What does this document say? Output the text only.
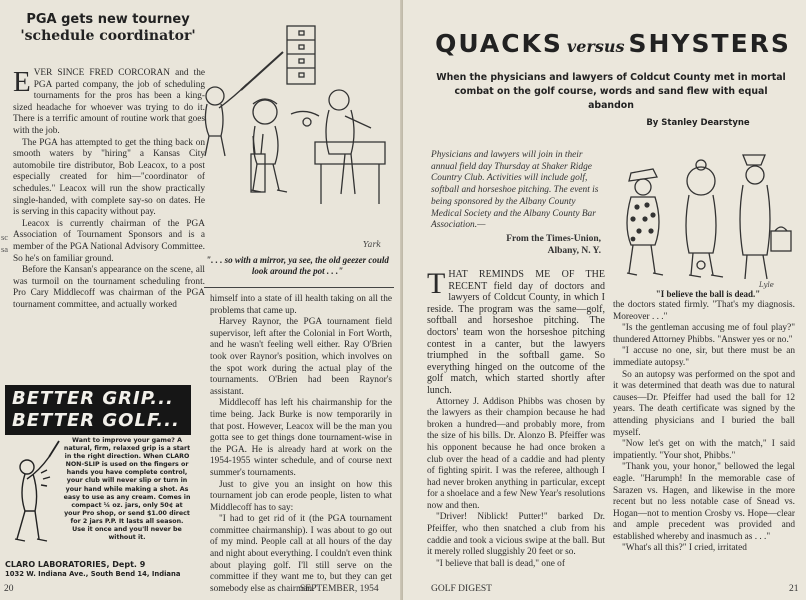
PGA gets new tourney
'schedule coordinator'

EVER SINCE FRED CORCORAN and the PGA parted company, the job of scheduling tournaments for the pros has been a king-sized headache for whoever was trying to do it. There is a terrific amount of routine work that goes with the job.

The PGA has attempted to get the thing back on smooth waters by "hiring" a Kansas City automobile tire distributor, Bob Leacox, to a post especially created for him—"coordinator of schedules." Leacox will run the show practically single-handed, with complete say-so on dates. He is serving in this capacity without pay.

Leacox is currently chairman of the PGA Association of Tournament Sponsors and is a member of the PGA National Advisory Committee. So he's on familiar ground.

Before the Kansan's appearance on the scene, all was turmoil on the tournament scheduling front. Pro Cary Middlecoff was chairman of the PGA tournament committee, and actually worked

sc
sa	Yark
". . . so with a mirror, ya see, the old geezer could look around the pot . . ."

himself into a state of ill health taking on all the problems that came up.

Harvey Raynor, the PGA tournament field supervisor, left after the Colonial in Fort Worth, and he wasn't feeling well either. Ray O'Brien took over Raynor's position, which involves on the spot work during the actual play of the tournaments. O'Brien had been Raynor's assistant.

Middlecoff has left his chairmanship for the time being. Jack Burke is now temporarily in that post. However, Leacox will be the man you gotta see to get things done tournament-wise in the PGA. He is already hard at work on the 1954-1955 winter schedule, and of course next summer's tournaments.

Just to give you an insight on how this tournament job can erode people, listen to what Middlecoff has to say:

"I had to get rid of it (the PGA tournament committee chairmanship). I was about to go out of my mind. People call at all hours of the day and night about everything. I couldn't even think about playing golf. I'll still serve on the committee if they want me to, but they can get somebody else as chairman."

BETTER GRIP...
BETTER GOLF...
Want to improve your game? A natural, firm, relaxed grip is a start in the right direction. When CLARO NON-SLIP is used on the fingers or hands you have complete control, your club will never slip or turn in your hand while making a shot. As easy to use as any cream. Comes in compact ¼ oz. jars, only 50¢ at your Pro shop, or send $1.00 direct for 2 jars P.P. It lasts all season. Use it once and you'll never be without it.
CLARO LABORATORIES, Dept. 9
1032 W. Indiana Ave., South Bend 14, Indiana
20	SEPTEMBER, 1954
QUACKS versus SHYSTERS
When the physicians and lawyers of Coldcut County met in mortal
combat on the golf course, words and sand flew with equal abandon
By Stanley Dearstyne
Physicians and lawyers will join in their annual field day Thursday at Shaker Ridge Country Club. Activities will include golf, softball and horseshoe pitching. The event is being sponsored by the Albany County Medical Society and the Albany County Bar Association.—
From the Times-Union,
Albany, N. Y.
Lyle
"I believe the ball is dead."

THAT REMINDS ME OF THE RECENT field day of doctors and lawyers of Coldcut County, in which I reside. The program was the same—golf, softball and horseshoe pitching. The doctors' team won the horseshoe pitching contest in a canter, but the lawyers triumphed in the softball game. So everything hinged on the outcome of the golf match, which started shortly after lunch.

Attorney J. Addison Phibbs was chosen by the lawyers as their champion because he had broken a hundred—and probably more, from the size of his bills. Dr. Alonzo B. Pfeiffer was his opponent because he had once broken a club over the head of a caddie and had plenty of fighting spirit. I was the referee, although I had never broken anything in particular, except for a shoelace and a few New Year's resolutions now and then.

"Driver! Niblick! Putter!" barked Dr. Pfeiffer, who then snatched a club from his caddie and took a vicious swipe at the ball. But it merely rolled sluggishly 20 feet or so.

"I believe that ball is dead," one of

the doctors stated firmly. "That's my diagnosis. Moreover . . ."

"Is the gentleman accusing me of foul play?" thundered Attorney Phibbs. "Answer yes or no."

"I accuse no one, sir, but there must be an immediate autopsy."

So an autopsy was performed on the spot and it was determined that death was due to natural causes—Dr. Pfeiffer had used the ball for 12 years. The death certificate was signed by the attending physicians and I buried the ball myself.

"Now let's get on with the match," I said impatiently. "Your shot, Phibbs."

"Thank you, your honor," bellowed the legal eagle. "Harumph! In the memorable case of Sarazen vs. Hagen, and likewise in the more recent but no less notable case of Snead vs. Hogan—not to mention Crosby vs. Hope—clear and ample precedent was provided and established whereby and inasmuch as . . ."

"What's all this?" I cried, irritated

GOLF DIGEST	21
